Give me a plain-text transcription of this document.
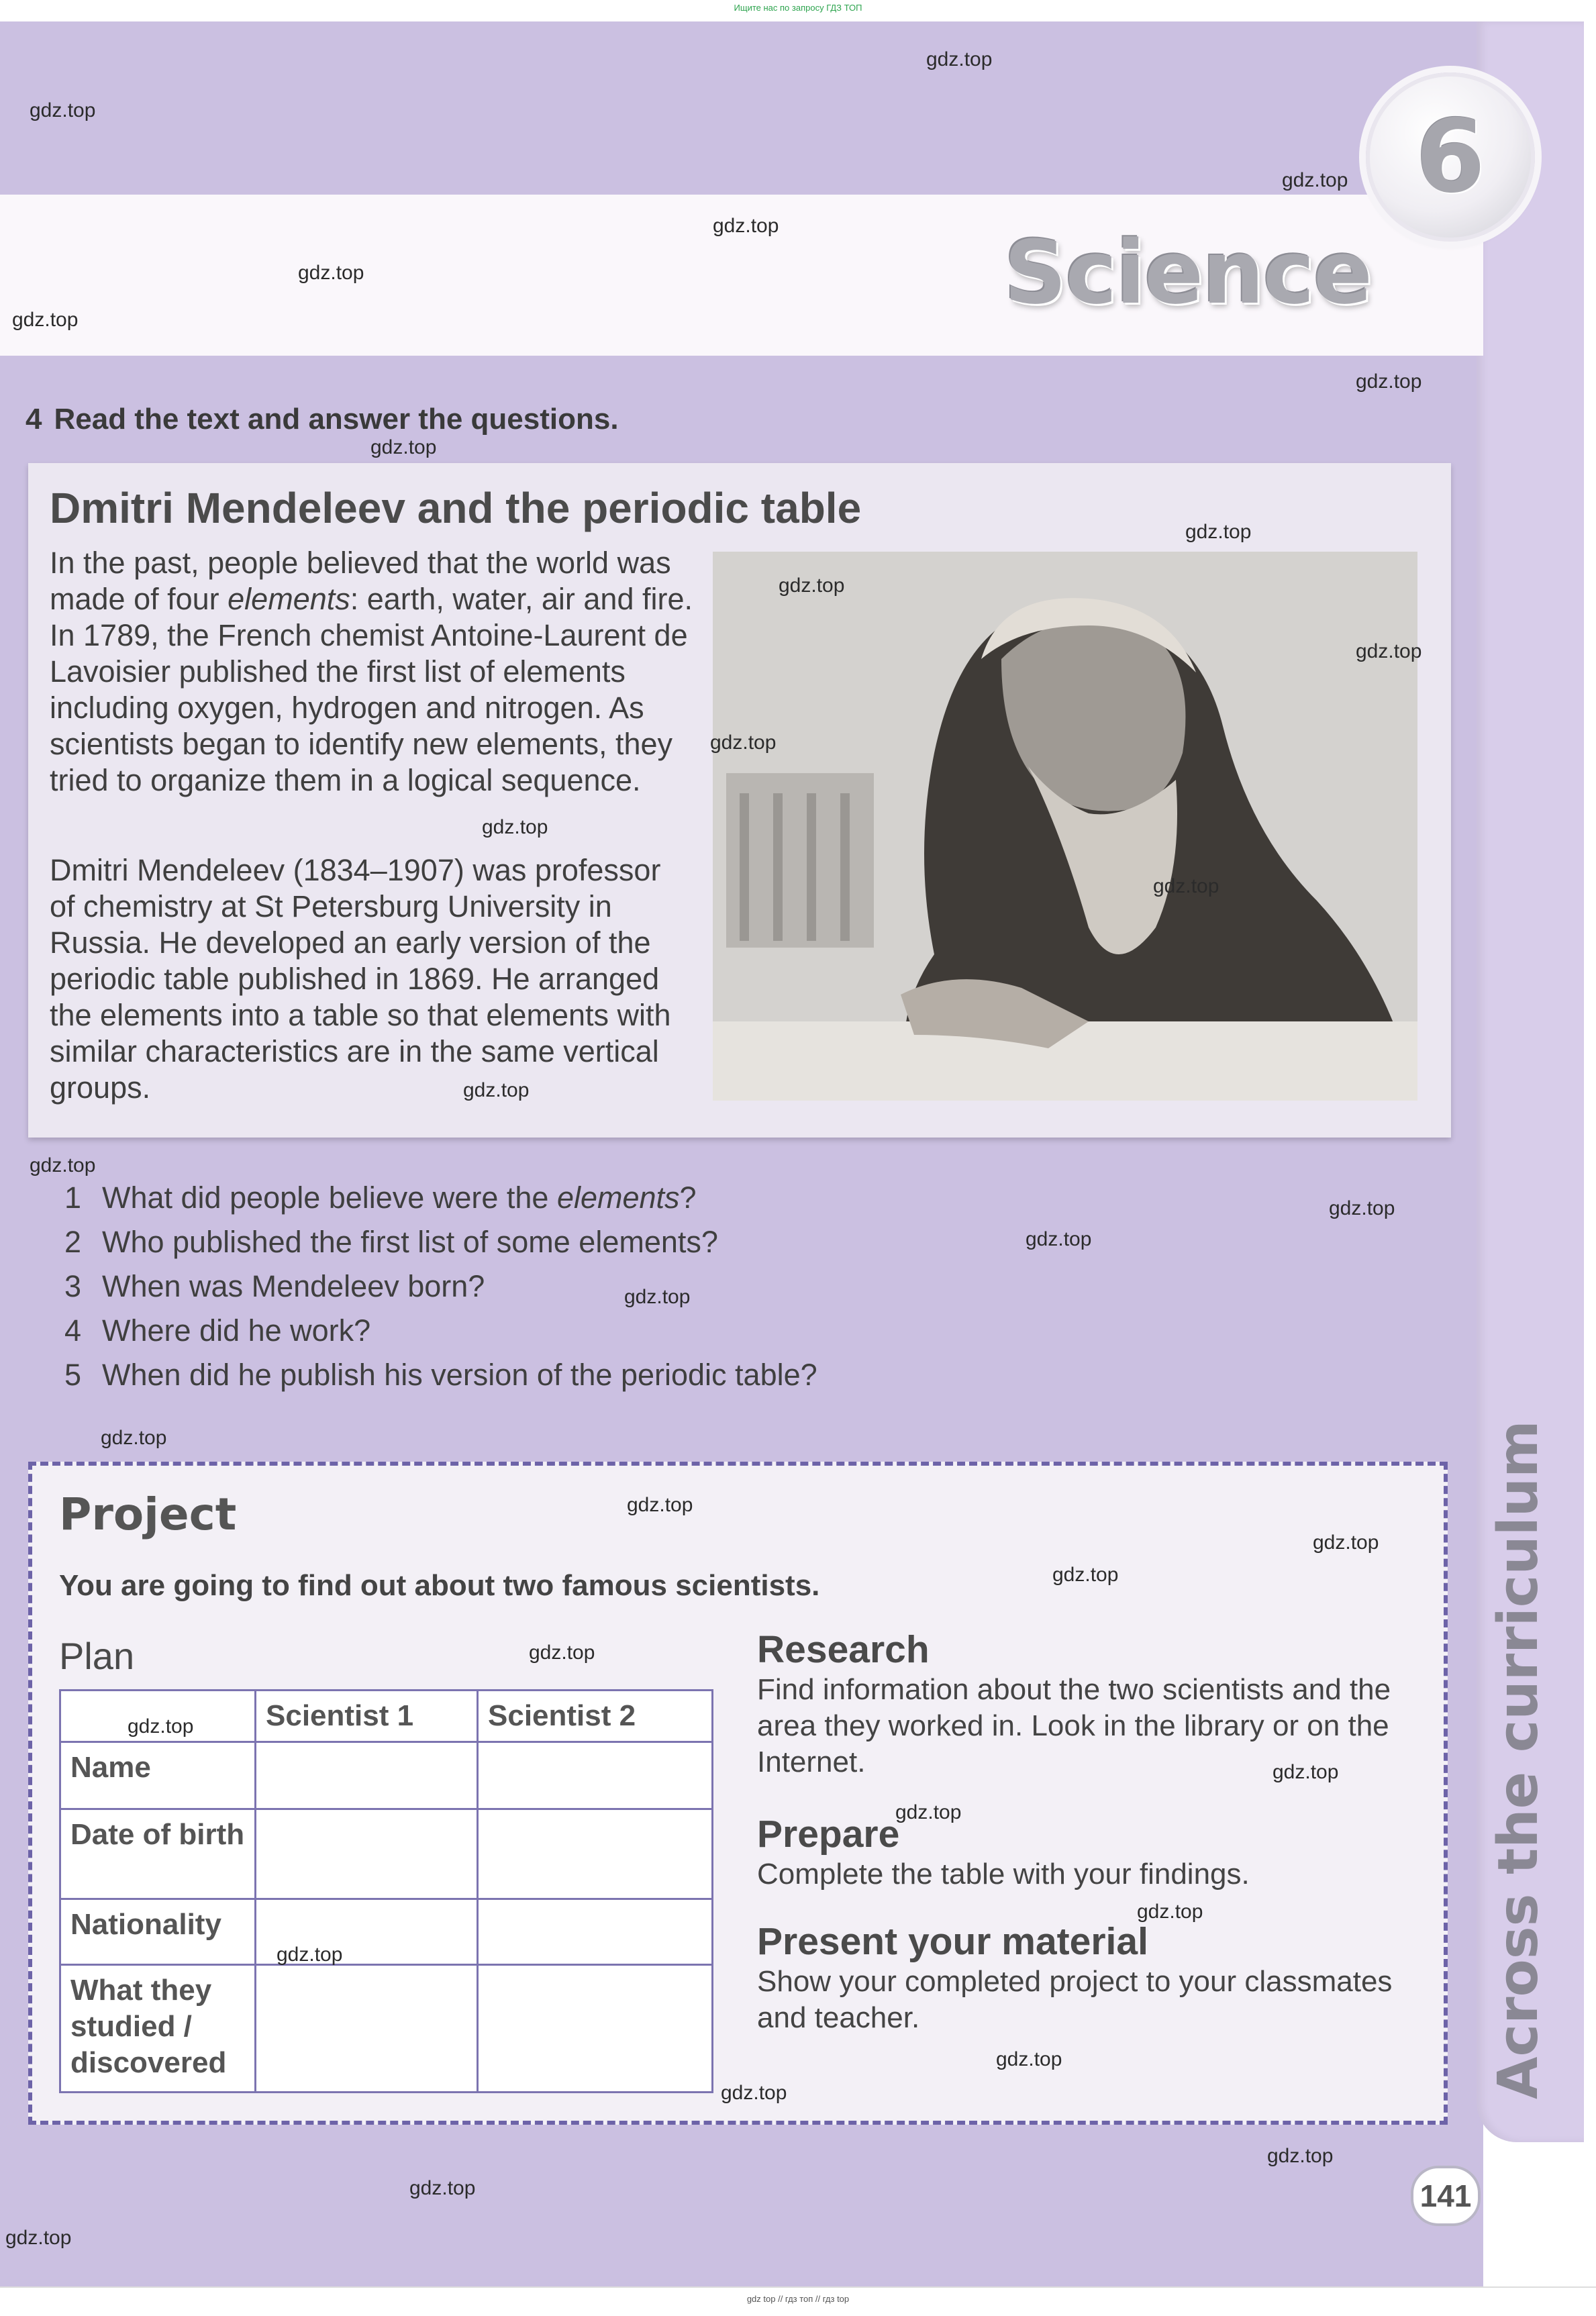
Ищите нас по запросу ГДЗ ТОП
6
Science
4 Read the text and answer the questions.
Dmitri Mendeleev and the periodic table

In the past, people believed that the world was made of four elements: earth, water, air and fire. In 1789, the French chemist Antoine-Laurent de Lavoisier published the first list of elements including oxygen, hydrogen and nitrogen. As scientists began to identify new elements, they tried to organize them in a logical sequence.

Dmitri Mendeleev (1834–1907) was professor of chemistry at St Petersburg University in Russia. He developed an early version of the periodic table published in 1869. He arranged the elements into a table so that elements with similar characteristics are in the same vertical groups.

1 What did people believe were the elements?
2 Who published the first list of some elements?
3 When was Mendeleev born?
4 Where did he work?
5 When did he publish his version of the periodic table?
Project
You are going to find out about two famous scientists.
Plan
	Scientist 1	Scientist 2
Name		
Date of birth		
Nationality		
What they studied / discovered		
Research

Find information about the two scientists and the area they worked in. Look in the library or on the Internet.

Prepare

Complete the table with your findings.

Present your material

Show your completed project to your classmates and teacher.	Across the curriculum
141
gdz top // гдз топ // гдз top
gdz.top
gdz.top
gdz.top
gdz.top
gdz.top
gdz.top
gdz.top
gdz.top
gdz.top
gdz.top
gdz.top
gdz.top
gdz.top
gdz.top
gdz.top
gdz.top
gdz.top
gdz.top
gdz.top
gdz.top
gdz.top
gdz.top
gdz.top
gdz.top
gdz.top
gdz.top
gdz.top
gdz.top
gdz.top
gdz.top
gdz.top
gdz.top
gdz.top
gdz.top
